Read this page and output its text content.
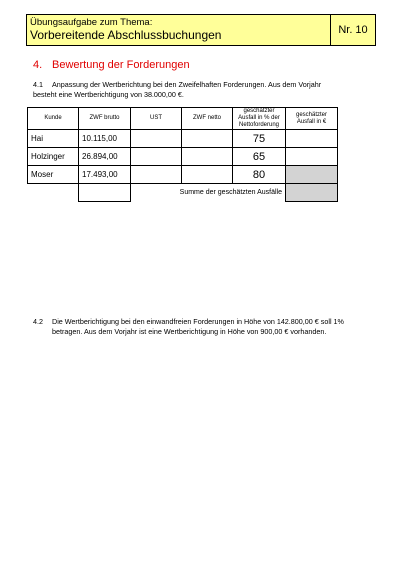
Übungsaufgabe zum Thema:
Vorbereitende Abschlussbuchungen	Nr. 10
4. Bewertung der Forderungen
4.1 Anpassung der Wertberichtung bei den Zweifelhaften Forderungen. Aus dem Vorjahr
besteht eine Wertberichtigung von 38.000,00 €.
Kunde	ZWF brutto	UST	ZWF netto	geschätzter Ausfall in % der Nettoforderung	geschätzter Ausfall in €
Hai	10.115,00			75	
Holzinger	26.894,00			65	
Moser	17.493,00			80	
		Summe der geschätzten Ausfälle			
4.2 Die Wertberichtigung bei den einwandfreien Forderungen in Höhe von 142.800,00 € soll 1%
betragen. Aus dem Vorjahr ist eine Wertberichtigung in Höhe von 900,00 € vorhanden.
